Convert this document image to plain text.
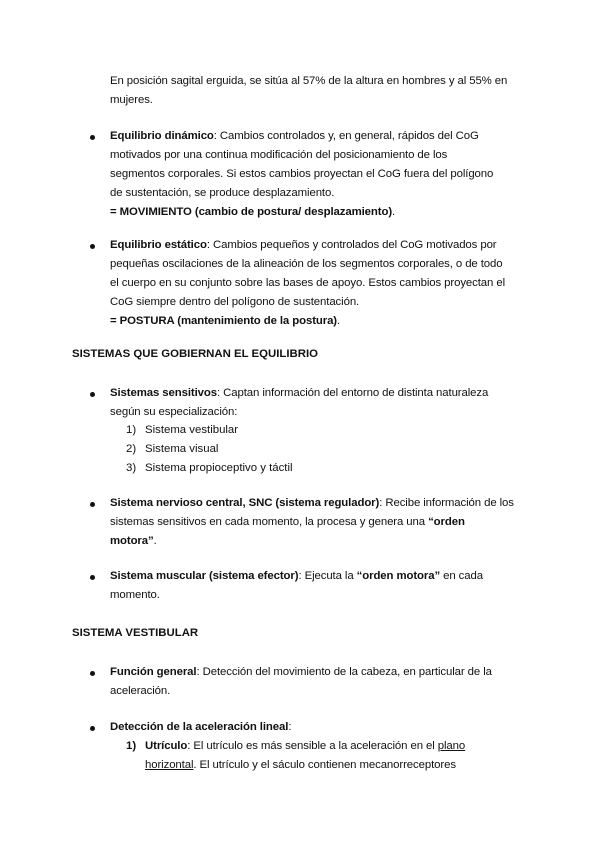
En posición sagital erguida, se sitúa al 57% de la altura en hombres y al 55% en
mujeres.
Equilibrio dinámico: Cambios controlados y, en general, rápidos del CoG
motivados por una continua modificación del posicionamiento de los
segmentos corporales. Si estos cambios proyectan el CoG fuera del polígono
de sustentación, se produce desplazamiento.
= MOVIMIENTO (cambio de postura/ desplazamiento).
Equilibrio estático: Cambios pequeños y controlados del CoG motivados por
pequeñas oscilaciones de la alineación de los segmentos corporales, o de todo
el cuerpo en su conjunto sobre las bases de apoyo. Estos cambios proyectan el
CoG siempre dentro del polígono de sustentación.
= POSTURA (mantenimiento de la postura).
SISTEMAS QUE GOBIERNAN EL EQUILIBRIO
Sistemas sensitivos: Captan información del entorno de distinta naturaleza
según su especialización:
1) Sistema vestibular
2) Sistema visual
3) Sistema propioceptivo y táctil
Sistema nervioso central, SNC (sistema regulador): Recibe información de los
sistemas sensitivos en cada momento, la procesa y genera una “orden
motora”.
Sistema muscular (sistema efector): Ejecuta la “orden motora” en cada
momento.
SISTEMA VESTIBULAR
Función general: Detección del movimiento de la cabeza, en particular de la
aceleración.
Detección de la aceleración lineal:
1) Utrículo: El utrículo es más sensible a la aceleración en el plano
horizontal. El utrículo y el sáculo contienen mecanorreceptores
